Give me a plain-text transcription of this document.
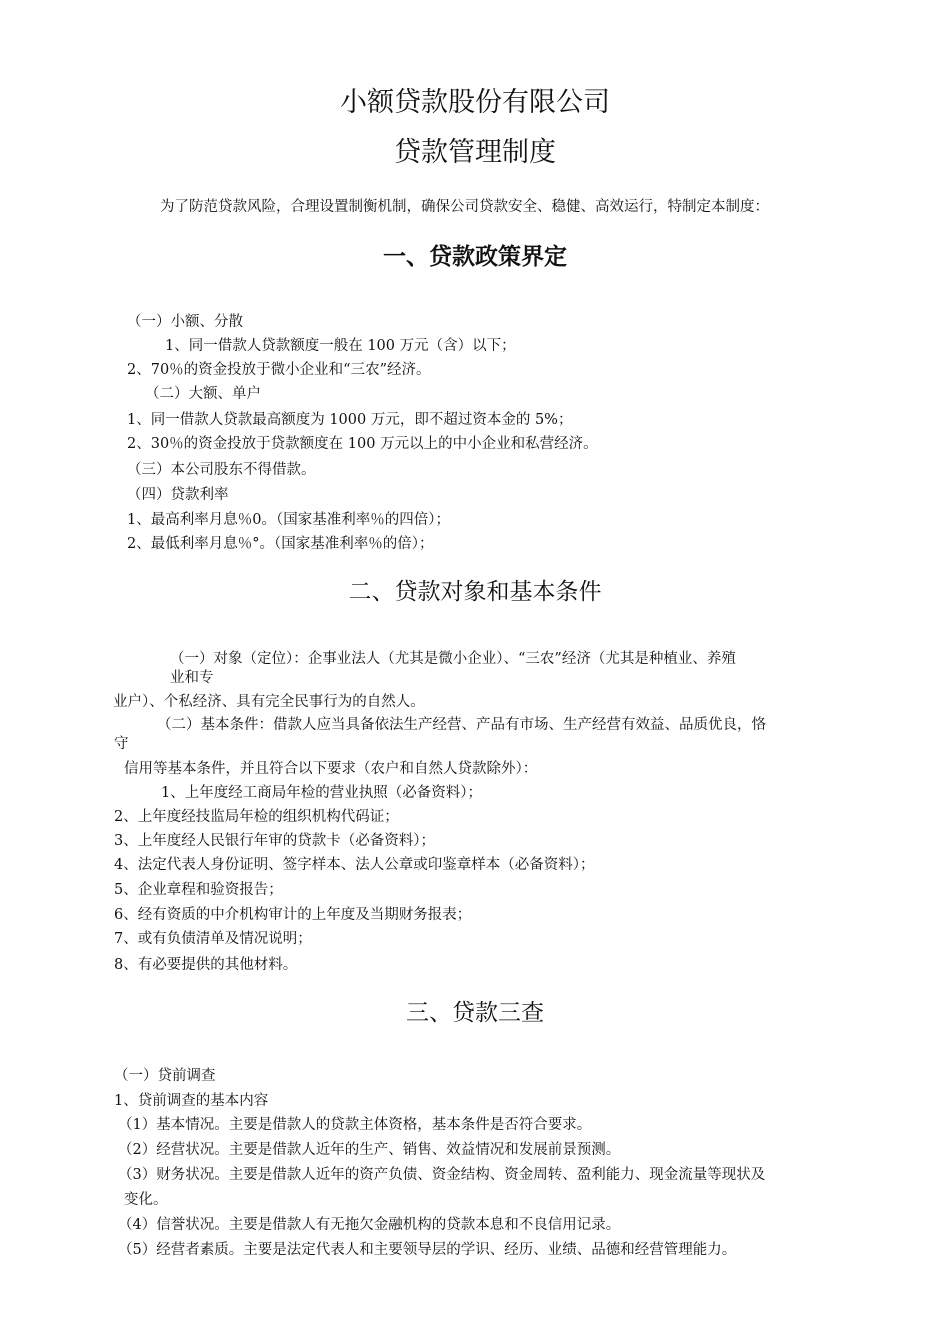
小额贷款股份有限公司

贷款管理制度

为了防范贷款风险，合理设置制衡机制，确保公司贷款安全、稳健、高效运行，特制定本制度：

一、贷款政策界定

（一）小额、分散

1、同一借款人贷款额度一般在 100 万元（含）以下；

2、70％的资金投放于微小企业和“三农”经济。

（二）大额、单户

1、同一借款人贷款最高额度为 1000 万元，即不超过资本金的 5%；

2、30％的资金投放于贷款额度在 100 万元以上的中小企业和私营经济。

（三）本公司股东不得借款。

（四）贷款利率

1、最高利率月息％0。（国家基准利率％的四倍）；

2、最低利率月息％°。（国家基准利率％的倍）；

二、贷款对象和基本条件

（一）对象（定位）：企事业法人（尤其是微小企业）、“三农”经济（尤其是种植业、养殖

业和专

业户）、个私经济、具有完全民事行为的自然人。

（二）基本条件：借款人应当具备依法生产经营、产品有市场、生产经营有效益、品质优良，恪

守

信用等基本条件，并且符合以下要求（农户和自然人贷款除外）：

1、上年度经工商局年检的营业执照（必备资料）；

2、上年度经技监局年检的组织机构代码证；

3、上年度经人民银行年审的贷款卡（必备资料）；

4、法定代表人身份证明、签字样本、法人公章或印鉴章样本（必备资料）；

5、企业章程和验资报告；

6、经有资质的中介机构审计的上年度及当期财务报表；

7、或有负债清单及情况说明；

8、有必要提供的其他材料。

三、贷款三查

（一）贷前调查

1、贷前调查的基本内容

（1）基本情况。主要是借款人的贷款主体资格，基本条件是否符合要求。

（2）经营状况。主要是借款人近年的生产、销售、效益情况和发展前景预测。

（3）财务状况。主要是借款人近年的资产负债、资金结构、资金周转、盈利能力、现金流量等现状及

变化。

（4）信誉状况。主要是借款人有无拖欠金融机构的贷款本息和不良信用记录。

（5）经营者素质。主要是法定代表人和主要领导层的学识、经历、业绩、品德和经营管理能力。
